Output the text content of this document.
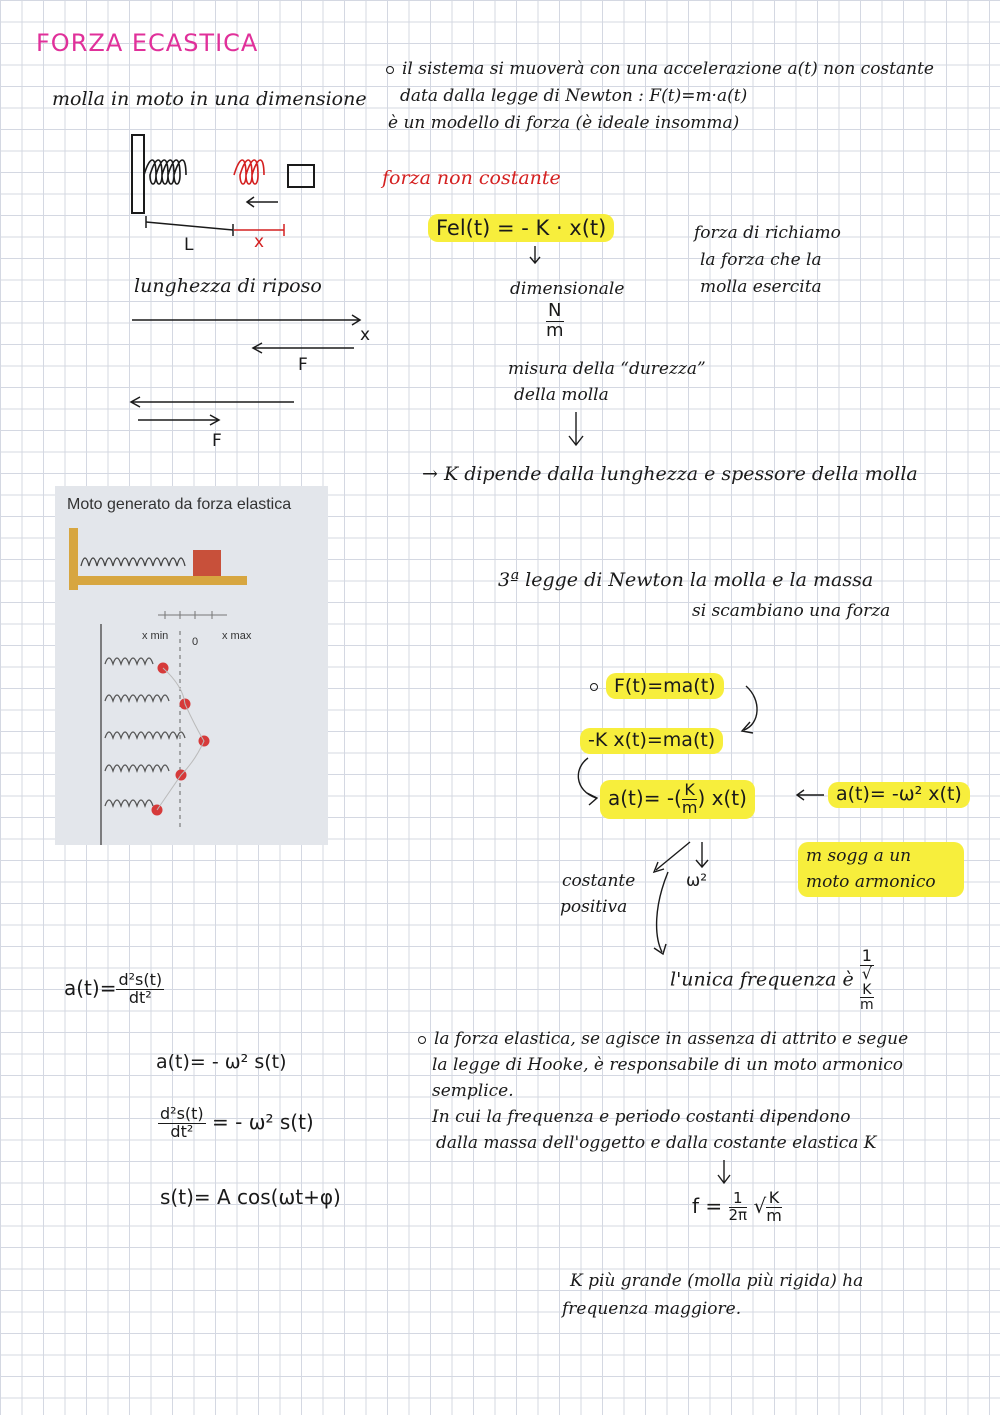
FORZA ECASTICA
molla in moto in una dimensione
L	x
lunghezza di riposo
x
F
F
Moto generato da forza elastica
x min 0 x max
$a(t)= \frac{\text{d²s(t)}}{\text{dt²}}$
a(t)= - ω² s(t)
$\frac{\text{d²s(t)}}{\text{dt²}}$ = - ω² s(t)
s(t)= A cos(ωt+φ)
il sistema si muoverà con una accelerazione a(t) non costante
data dalla legge di Newton : F(t)=m·a(t)
è un modello di forza (è ideale insomma)
forza non costante
Fel(t) = - K · x(t)	forza di richiamo
la forza che la
molla esercita
dimensionale
$\frac{N}{m}$
misura della “durezza”
della molla
→ K dipende dalla lunghezza e spessore della molla
3ª legge di Newton la molla e la massa
si scambiano una forza
F(t)=ma(t)
-K x(t)=ma(t)
a(t)= -( $\frac{K}{m}$ ) x(t)	a(t)= -ω² x(t)
m sogg a un
moto armonico
costante
positiva
ω²
l'unica frequenza è 1
√
K
m
la forza elastica, se agisce in assenza di attrito e segue
la legge di Hooke, è responsabile di un moto armonico
semplice.
In cui la frequenza e periodo costanti dipendono
dalla massa dell'oggetto e dalla costante elastica K
$f = \frac{1}{2\pi}$ √ $\frac{K}{m}$
K più grande (molla più rigida) ha
frequenza maggiore.
